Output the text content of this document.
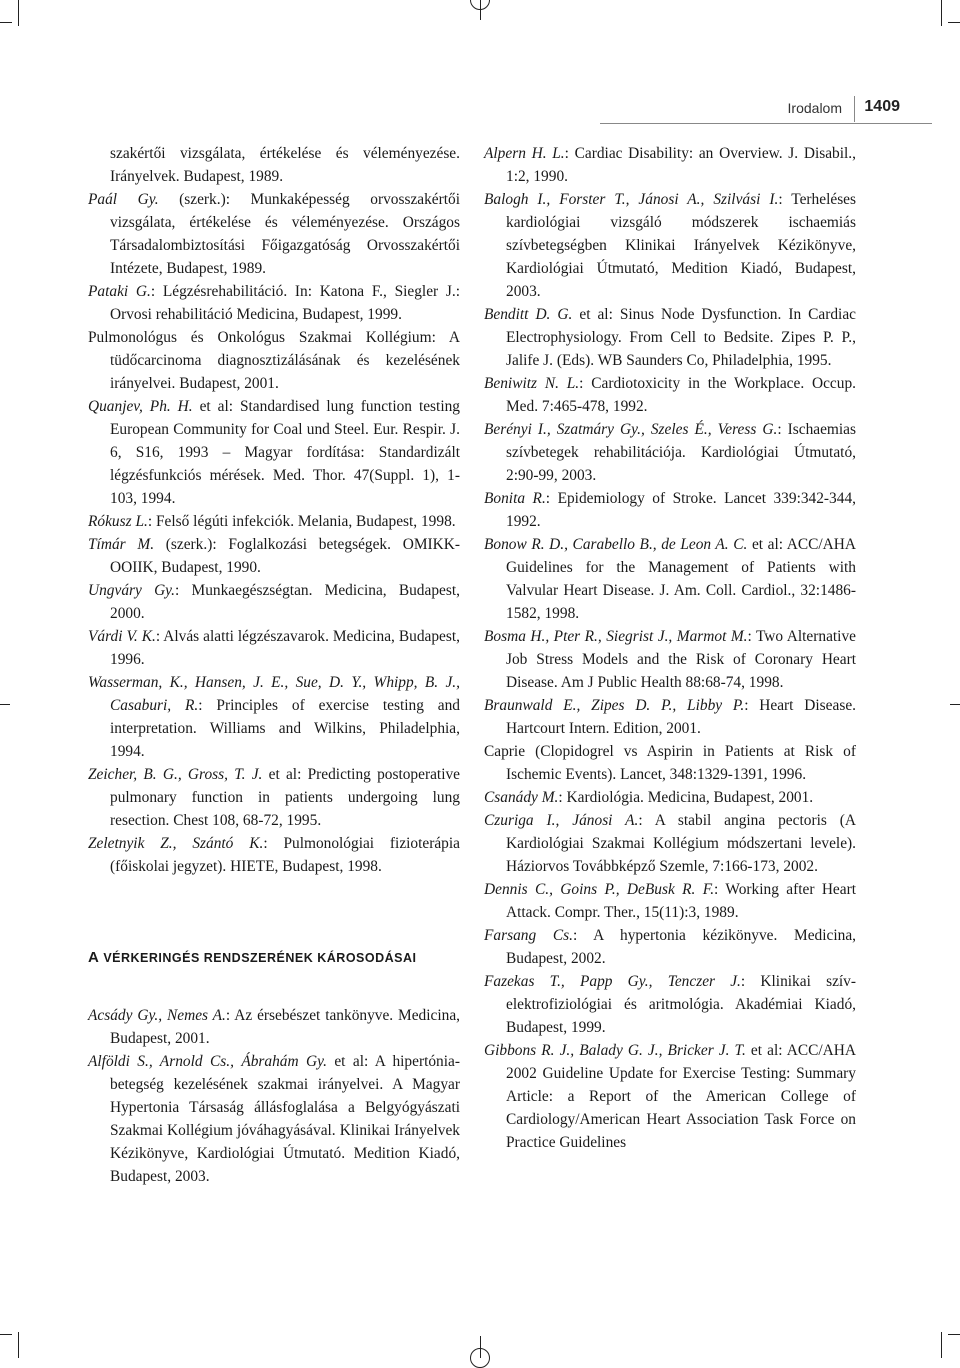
Irodalom 1409

szakértői vizsgálata, értékelése és véleményezése. Irányelvek. Budapest, 1989.

Paál Gy. (szerk.): Munkaképesség orvosszakértői vizsgálata, értékelése és véleményezése. Országos Társadalombiztosítási Főigazgatóság Orvosszakértői Intézete, Budapest, 1989.

Pataki G.: Légzésrehabilitáció. In: Katona F., Siegler J.: Orvosi rehabilitáció Medicina, Budapest, 1999.

Pulmonológus és Onkológus Szakmai Kollégium: A tüdőcarcinoma diagnosztizálásának és kezelésének irányelvei. Budapest, 2001.

Quanjev, Ph. H. et al: Standardised lung function testing European Community for Coal und Steel. Eur. Respir. J. 6, S16, 1993 – Magyar fordítása: Standardizált légzésfunkciós mérések. Med. Thor. 47(Suppl. 1), 1-103, 1994.

Rókusz L.: Felső légúti infekciók. Melania, Budapest, 1998.

Tímár M. (szerk.): Foglalkozási betegségek. OMIKK-OOIIK, Budapest, 1990.

Ungváry Gy.: Munkaegészségtan. Medicina, Budapest, 2000.

Várdi V. K.: Alvás alatti légzészavarok. Medicina, Budapest, 1996.

Wasserman, K., Hansen, J. E., Sue, D. Y., Whipp, B. J., Casaburi, R.: Principles of exercise testing and interpretation. Williams and Wilkins, Philadelphia, 1994.

Zeicher, B. G., Gross, T. J. et al: Predicting postoperative pulmonary function in patients undergoing lung resection. Chest 108, 68-72, 1995.

Zeletnyik Z., Szántó K.: Pulmonológiai fizioterápia (főiskolai jegyzet). HIETE, Budapest, 1998.

A VÉRKERINGÉS RENDSZERÉNEK KÁROSODÁSAI

Acsády Gy., Nemes A.: Az érsebészet tankönyve. Medicina, Budapest, 2001.

Alföldi S., Arnold Cs., Ábrahám Gy. et al: A hipertónia-betegség kezelésének szakmai irányelvei. A Magyar Hypertonia Társaság állásfoglalása a Belgyógyászati Szakmai Kollégium jóváhagyásával. Klinikai Irányelvek Kézikönyve, Kardiológiai Útmutató. Medition Kiadó, Budapest, 2003.

Alpern H. L.: Cardiac Disability: an Overview. J. Disabil., 1:2, 1990.

Balogh I., Forster T., Jánosi A., Szilvási I.: Terheléses kardiológiai vizsgáló módszerek ischaemiás szívbetegségben Klinikai Irányelvek Kézikönyve, Kardiológiai Útmutató, Medition Kiadó, Budapest, 2003.

Benditt D. G. et al: Sinus Node Dysfunction. In Cardiac Electrophysiology. From Cell to Bedsite. Zipes P. P., Jalife J. (Eds). WB Saunders Co, Philadelphia, 1995.

Beniwitz N. L.: Cardiotoxicity in the Workplace. Occup. Med. 7:465-478, 1992.

Berényi I., Szatmáry Gy., Szeles É., Veress G.: Ischaemias szívbetegek rehabilitációja. Kardiológiai Útmutató, 2:90-99, 2003.

Bonita R.: Epidemiology of Stroke. Lancet 339:342-344, 1992.

Bonow R. D., Carabello B., de Leon A. C. et al: ACC/AHA Guidelines for the Management of Patients with Valvular Heart Disease. J. Am. Coll. Cardiol., 32:1486-1582, 1998.

Bosma H., Pter R., Siegrist J., Marmot M.: Two Alternative Job Stress Models and the Risk of Coronary Heart Disease. Am J Public Health 88:68-74, 1998.

Braunwald E., Zipes D. P., Libby P.: Heart Disease. Hartcourt Intern. Edition, 2001.

Caprie (Clopidogrel vs Aspirin in Patients at Risk of Ischemic Events). Lancet, 348:1329-1391, 1996.

Csanády M.: Kardiológia. Medicina, Budapest, 2001.

Czuriga I., Jánosi A.: A stabil angina pectoris (A Kardiológiai Szakmai Kollégium módszertani levele). Háziorvos Továbbképző Szemle, 7:166-173, 2002.

Dennis C., Goins P., DeBusk R. F.: Working after Heart Attack. Compr. Ther., 15(11):3, 1989.

Farsang Cs.: A hypertonia kézikönyve. Medicina, Budapest, 2002.

Fazekas T., Papp Gy., Tenczer J.: Klinikai szív-elektrofiziológiai és aritmológia. Akadémiai Kiadó, Budapest, 1999.

Gibbons R. J., Balady G. J., Bricker J. T. et al: ACC/AHA 2002 Guideline Update for Exercise Testing: Summary Article: a Report of the American College of Cardiology/American Heart Association Task Force on Practice Guidelines
